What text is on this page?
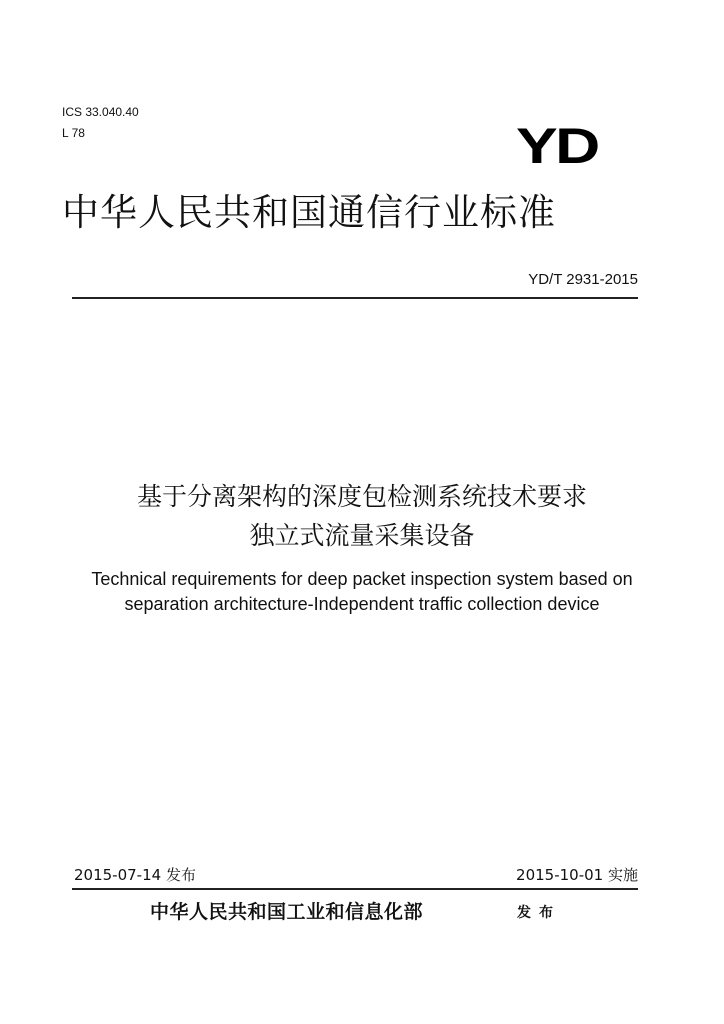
ICS 33.040.40
L 78	YD
中华人民共和国通信行业标准
YD/T 2931-2015
基于分离架构的深度包检测系统技术要求
独立式流量采集设备
Technical requirements for deep packet inspection system based on
separation architecture-Independent traffic collection device
2015-07-14 发布	2015-10-01 实施
中华人民共和国工业和信息化部	发布
